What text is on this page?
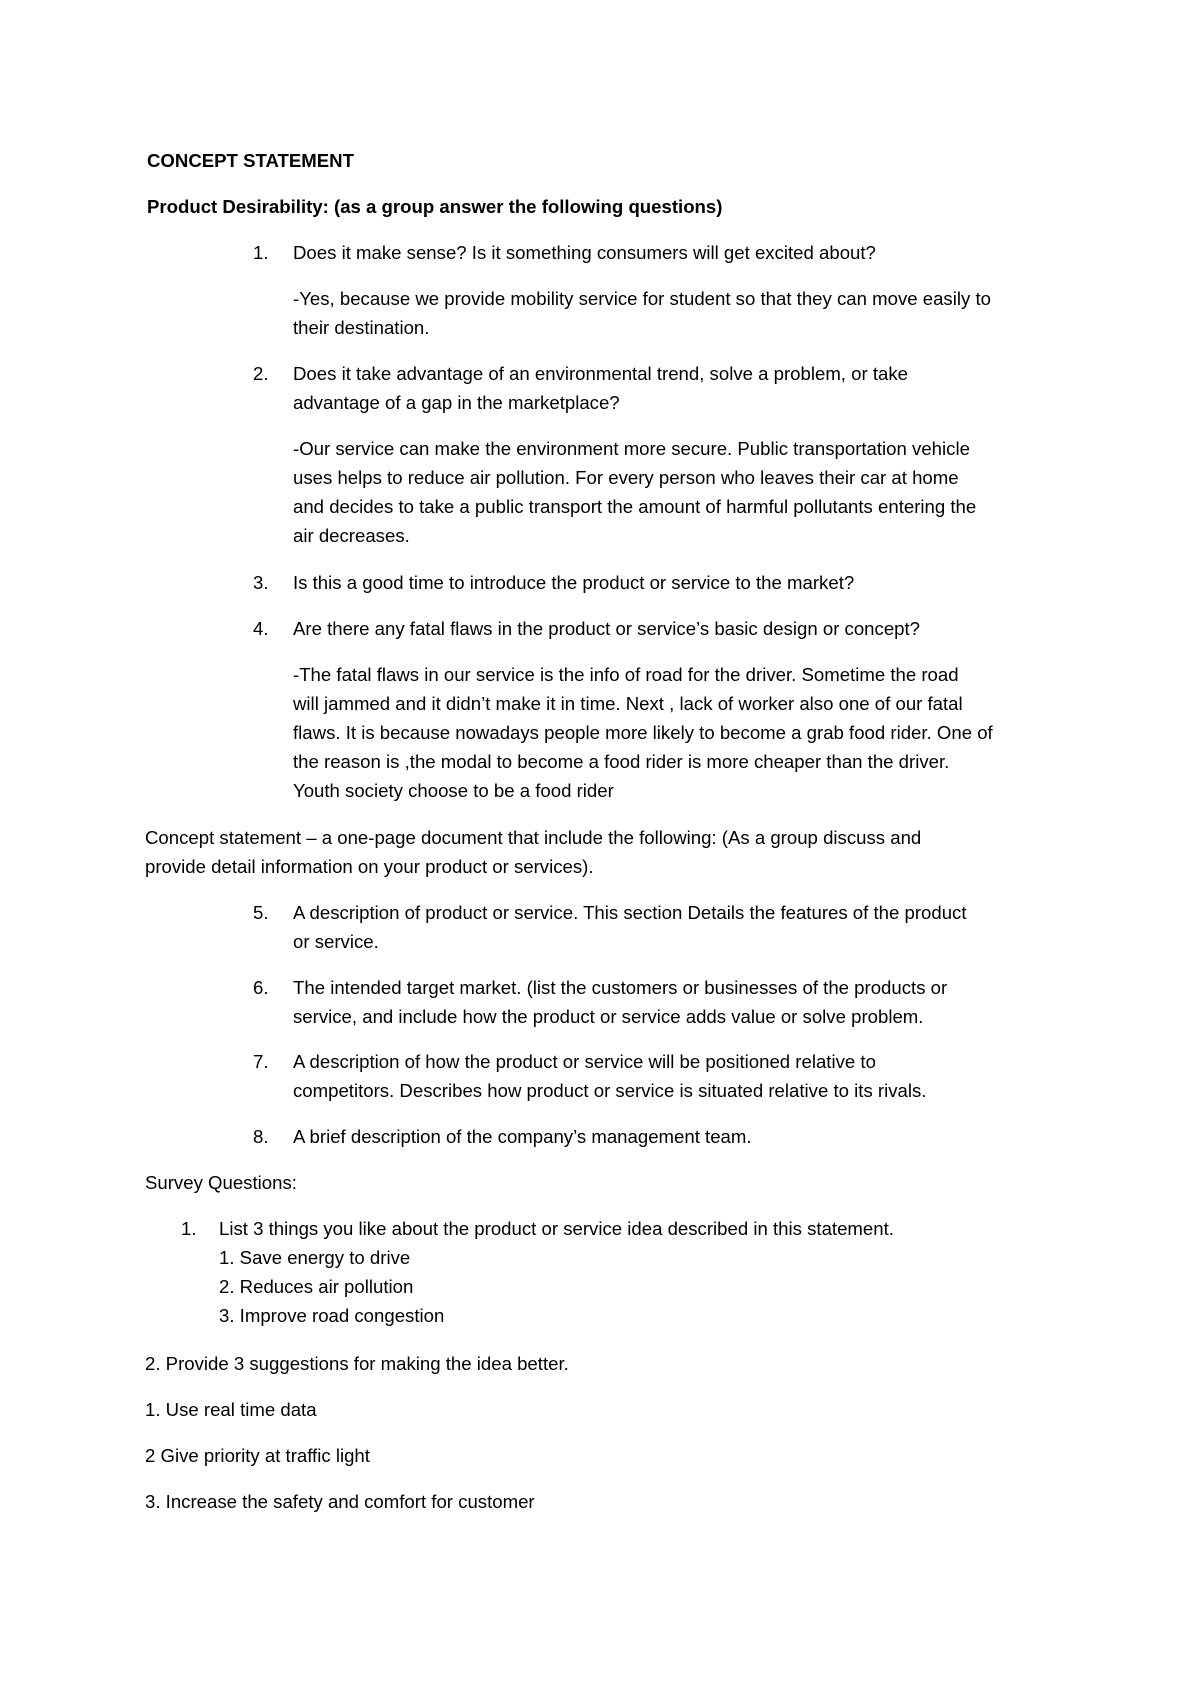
CONCEPT STATEMENT

Product Desirability: (as a group answer the following questions)

1. Does it make sense? Is it something consumers will get excited about?

-Yes, because we provide mobility service for student so that they can move easily to
their destination.

2. Does it take advantage of an environmental trend, solve a problem, or take
advantage of a gap in the marketplace?

-Our service can make the environment more secure. Public transportation vehicle
uses helps to reduce air pollution. For every person who leaves their car at home
and decides to take a public transport the amount of harmful pollutants entering the
air decreases.

3. Is this a good time to introduce the product or service to the market?

4. Are there any fatal flaws in the product or service’s basic design or concept?

-The fatal flaws in our service is the info of road for the driver. Sometime the road
will jammed and it didn’t make it in time. Next , lack of worker also one of our fatal
flaws. It is because nowadays people more likely to become a grab food rider. One of
the reason is ,the modal to become a food rider is more cheaper than the driver.
Youth society choose to be a food rider

Concept statement – a one-page document that include the following: (As a group discuss and
provide detail information on your product or services).

5. A description of product or service. This section Details the features of the product
or service.

6. The intended target market. (list the customers or businesses of the products or
service, and include how the product or service adds value or solve problem.

7. A description of how the product or service will be positioned relative to
competitors. Describes how product or service is situated relative to its rivals.

8. A brief description of the company’s management team.

Survey Questions:

1. List 3 things you like about the product or service idea described in this statement.
1. Save energy to drive
2. Reduces air pollution
3. Improve road congestion

2. Provide 3 suggestions for making the idea better.

1. Use real time data

2 Give priority at traffic light

3. Increase the safety and comfort for customer
